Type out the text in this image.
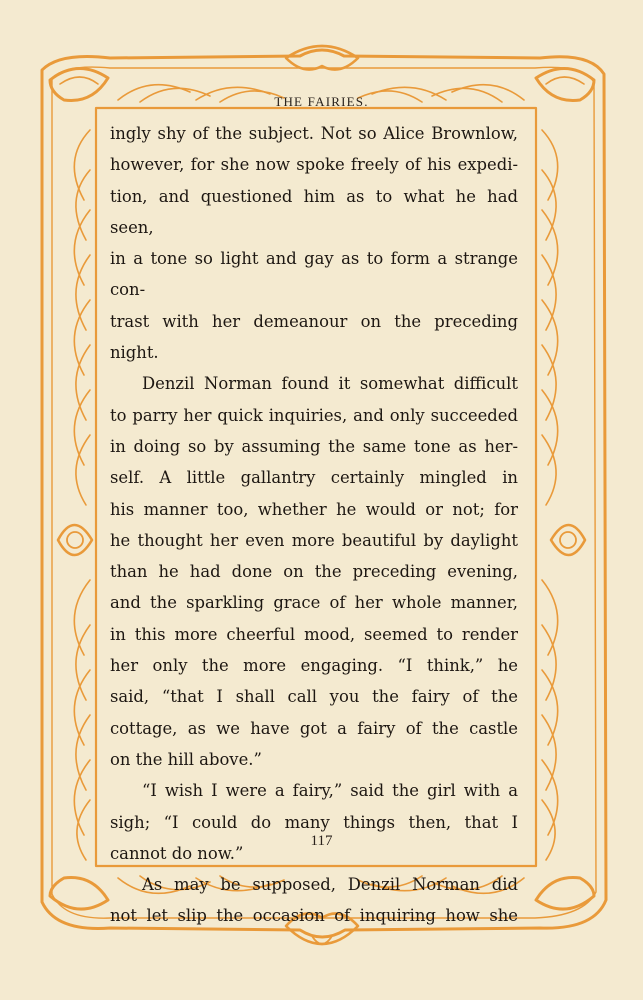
THE FAIRIES.

ingly shy of the subject. Not so Alice Brownlow,

however, for she now spoke freely of his expedi-

tion, and questioned him as to what he had seen,

in a tone so light and gay as to form a strange con-

trast with her demeanour on the preceding night.

Denzil Norman found it somewhat difficult

to parry her quick inquiries, and only succeeded

in doing so by assuming the same tone as her-

self. A little gallantry certainly mingled in

his manner too, whether he would or not; for

he thought her even more beautiful by daylight

than he had done on the preceding evening,

and the sparkling grace of her whole manner,

in this more cheerful mood, seemed to render

her only the more engaging. “I think,” he

said, “that I shall call you the fairy of the

cottage, as we have got a fairy of the castle

on the hill above.”

“I wish I were a fairy,” said the girl with a

sigh; “I could do many things then, that I

cannot do now.”

As may be supposed, Denzil Norman did

not let slip the occasion of inquiring how she

117
